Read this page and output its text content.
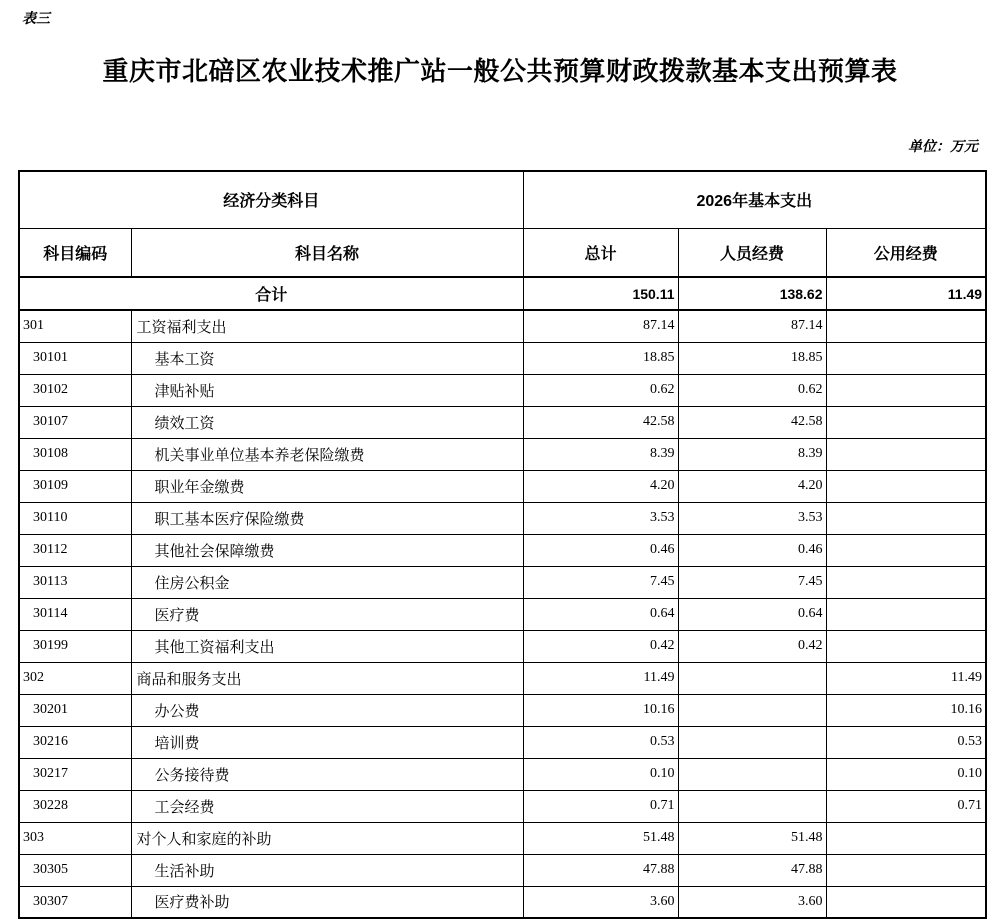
表三
重庆市北碚区农业技术推广站一般公共预算财政拨款基本支出预算表
单位：万元
经济分类科目		2026年基本支出		
科目编码	科目名称	总计	人员经费	公用经费
合计		150.11	138.62	11.49
301	工资福利支出	87.14	87.14	
30101	基本工资	18.85	18.85	
30102	津贴补贴	0.62	0.62	
30107	绩效工资	42.58	42.58	
30108	机关事业单位基本养老保险缴费	8.39	8.39	
30109	职业年金缴费	4.20	4.20	
30110	职工基本医疗保险缴费	3.53	3.53	
30112	其他社会保障缴费	0.46	0.46	
30113	住房公积金	7.45	7.45	
30114	医疗费	0.64	0.64	
30199	其他工资福利支出	0.42	0.42	
302	商品和服务支出	11.49		11.49
30201	办公费	10.16		10.16
30216	培训费	0.53		0.53
30217	公务接待费	0.10		0.10
30228	工会经费	0.71		0.71
303	对个人和家庭的补助	51.48	51.48	
30305	生活补助	47.88	47.88	
30307	医疗费补助	3.60	3.60	
